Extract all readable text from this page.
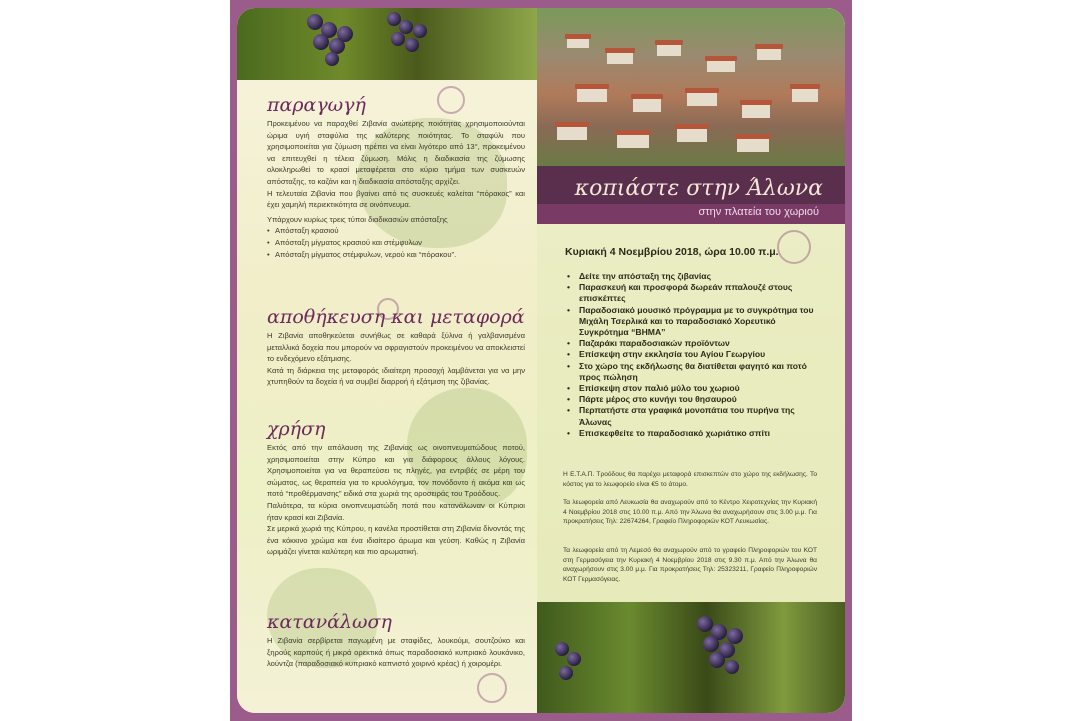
παραγωγή
Προκειμένου να παραχθεί Ζιβανία ανώτερης ποιότητας χρησιμοποιούνται ώριμα υγιή σταφύλια της καλύτερης ποιότητας. Το σταφύλι που χρησιμοποιείται για ζύμωση πρέπει να είναι λιγότερο από 13°, προκειμένου να επιτευχθεί η τέλεια ζύμωση. Μόλις η διαδικασία της ζύμωσης ολοκληρωθεί το κρασί μεταφέρεται στο κύριο τμήμα των συσκευών απόσταξης, το καζάνι και η διαδικασία απόσταξης αρχίζει.
Η τελευταία Ζιβανία που βγαίνει από τις συσκευές καλείται “πόρακος” και έχει χαμηλή περιεκτικότητα σε οινόπνευμα.
Υπάρχουν κυρίως τρεις τύποι διαδικασιών απόσταξης
• Απόσταξη κρασιού
• Απόσταξη μίγματος κρασιού και στέμφυλων
• Απόσταξη μίγματος στέμφυλων, νερού και “πόρακου”.
αποθήκευση και μεταφορά
Η Ζιβανία αποθηκεύεται συνήθως σε καθαρά ξύλινα ή γαλβανισμένα μεταλλικά δοχεία που μπορούν να σφραγιστούν προκειμένου να αποκλειστεί το ενδεχόμενο εξάτμισης.
Κατά τη διάρκεια της μεταφοράς ιδιαίτερη προσοχή λαμβάνεται για να μην χτυπηθούν τα δοχεία ή να συμβεί διαρροή ή εξάτμιση της ζιβανίας.
χρήση
Εκτός από την απόλαυση της Ζιβανίας ως οινοπνευματώδους ποτού, χρησιμοποιείται στην Κύπρο και για διάφορους άλλους λόγους. Χρησιμοποιείται για να θεραπεύσει τις πληγές, για εντριβές σε μέρη του σώματος, ως θεραπεία για το κρυολόγημα, τον πονόδοντο ή ακόμα και ως ποτό “προθέρμανσης” ειδικά στα χωριά της οροσειράς του Τροόδους.
Παλιότερα, τα κύρια οινοπνευματώδη ποτά που κατανάλωναν οι Κύπριοι ήταν κρασί και Ζιβανία.
Σε μερικά χωριά της Κύπρου, η κανέλα προστίθεται στη Ζιβανία δίνοντάς της ένα κόκκινο χρώμα και ένα ιδιαίτερο άρωμα και γεύση. Καθώς η Ζιβανία ωριμάζει γίνεται καλύτερη και πιο αρωματική.
κατανάλωση
Η Ζιβανία σερβίρεται παγωμένη με σταφίδες, λουκούμι, σουτζούκο και ξηρούς καρπούς ή μικρά ορεκτικά όπως παραδοσιακό κυπριακό λουκάνικο, λούντζα (παραδοσιακό κυπριακό καπνιστό χοιρινό κρέας) ή χοιρομέρι.
κοπιάστε στην Άλωνα
στην πλατεία του χωριού
Κυριακή 4 Νοεμβρίου 2018, ώρα 10.00 π.μ.
• Δείτε την απόσταξη της ζιβανίας
• Παρασκευή και προσφορά δωρεάν ππαλουζέ στους επισκέπτες
• Παραδοσιακό μουσικό πρόγραμμα με το συγκρότημα του Μιχάλη Τσερλικά και το παραδοσιακό Χορευτικό Συγκρότημα “ΒΗΜΑ”
• Παζαράκι παραδοσιακών προϊόντων
• Επίσκεψη στην εκκλησία του Αγίου Γεωργίου
• Στο χώρο της εκδήλωσης θα διατίθεται φαγητό και ποτό προς πώληση
• Επίσκεψη στον παλιό μύλο του χωριού
• Πάρτε μέρος στο κυνήγι του θησαυρού
• Περπατήστε στα γραφικά μονοπάτια του πυρήνα της Άλωνας
• Επισκεφθείτε το παραδοσιακό χωριάτικο σπίτι
Η Ε.Τ.Α.Π. Τροόδους θα παρέχει μεταφορά επισκεπτών στο χώρο της εκδήλωσης. Το κόστος για το λεωφορείο είναι €5 το άτομο.
Τα λεωφορεία από Λευκωσία θα αναχωρούν από το Κέντρο Χειροτεχνίας την Κυριακή 4 Νοεμβρίου 2018 στις 10.00 π.μ. Από την Άλωνα θα αναχωρήσουν στις 3.00 μ.μ. Για προκρατήσεις Τηλ: 22674264, Γραφείο Πληροφοριών ΚΟΤ Λευκωσίας.
Τα λεωφορεία από τη Λεμεσό θα αναχωρούν από το γραφείο Πληροφοριών του ΚΟΤ στη Γερμασόγεια την Κυριακή 4 Νοεμβρίου 2018 στις 9.30 π.μ. Από την Άλωνα θα αναχωρήσουν στις 3.00 μ.μ. Για προκρατήσεις Τηλ: 25323211, Γραφείο Πληροφοριών ΚΟΤ Γερμασόγειας.
